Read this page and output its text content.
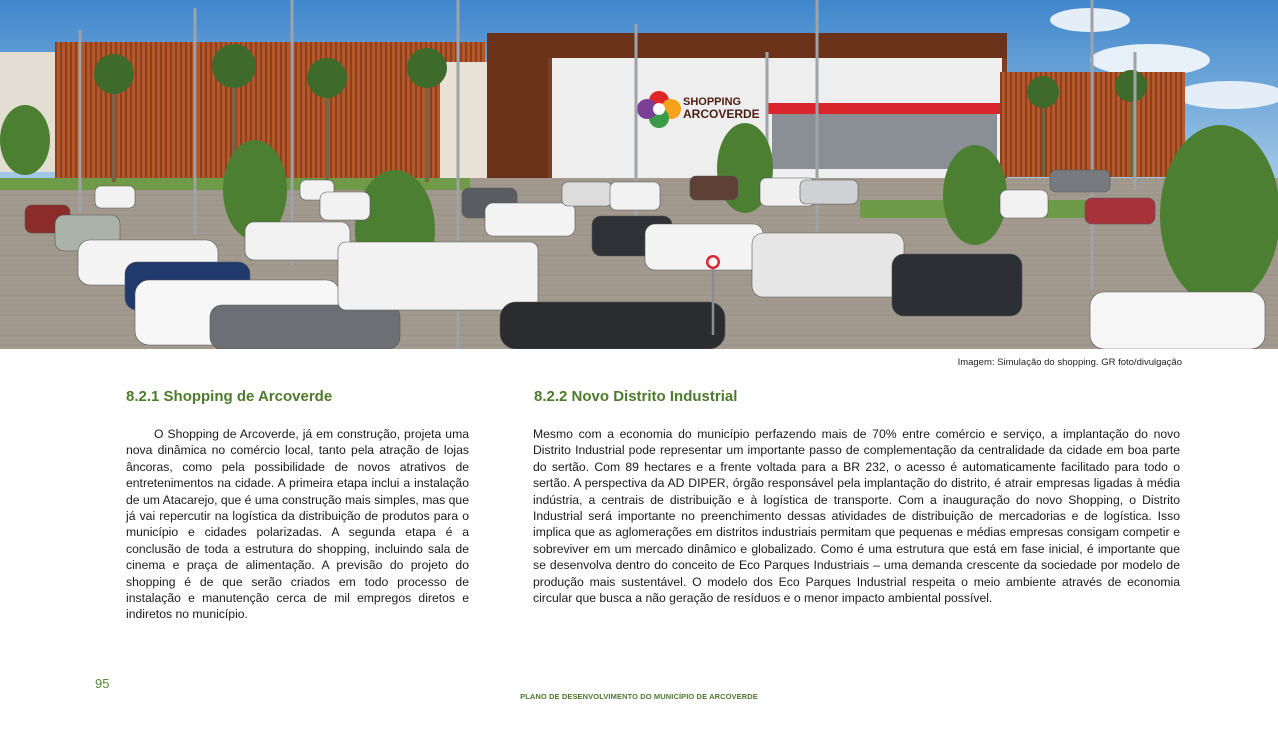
SHOPPING
ARCOVERDE
Imagem: Simulação do shopping. GR foto/divulgação
8.2.1 Shopping de Arcoverde

O Shopping de Arcoverde, já em construção, projeta uma nova dinâmica no comércio local, tanto pela atração de lojas âncoras, como pela possibilidade de novos atrativos de entretenimentos na cidade. A primeira etapa inclui a instalação de um Atacarejo, que é uma construção mais simples, mas que já vai repercutir na logística da distribuição de produtos para o município e cidades polarizadas. A segunda etapa é a conclusão de toda a estrutura do shopping, incluindo sala de cinema e praça de alimentação. A previsão do projeto do shopping é de que serão criados em todo processo de instalação e manutenção cerca de mil empregos diretos e indiretos no município.

8.2.2 Novo Distrito Industrial

Mesmo com a economia do município perfazendo mais de 70% entre comércio e serviço, a implantação do novo Distrito Industrial pode representar um importante passo de complementação da centralidade da cidade em boa parte do sertão. Com 89 hectares e a frente voltada para a BR 232, o acesso é automaticamente facilitado para todo o sertão. A perspectiva da AD DIPER, órgão responsável pela implantação do distrito, é atrair empresas ligadas à média indústria, a centrais de distribuição e à logística de transporte. Com a inauguração do novo Shopping, o Distrito Industrial será importante no preenchimento dessas atividades de distribuição de mercadorias e de logística. Isso implica que as aglomerações em distritos industriais permitam que pequenas e médias empresas consigam competir e sobreviver em um mercado dinâmico e globalizado. Como é uma estrutura que está em fase inicial, é importante que se desenvolva dentro do conceito de Eco Parques Industriais – uma demanda crescente da sociedade por modelo de produção mais sustentável. O modelo dos Eco Parques Industrial respeita o meio ambiente através de economia circular que busca a não geração de resíduos e o menor impacto ambiental possível.

95
PLANO DE DESENVOLVIMENTO DO MUNICÍPIO DE ARCOVERDE
